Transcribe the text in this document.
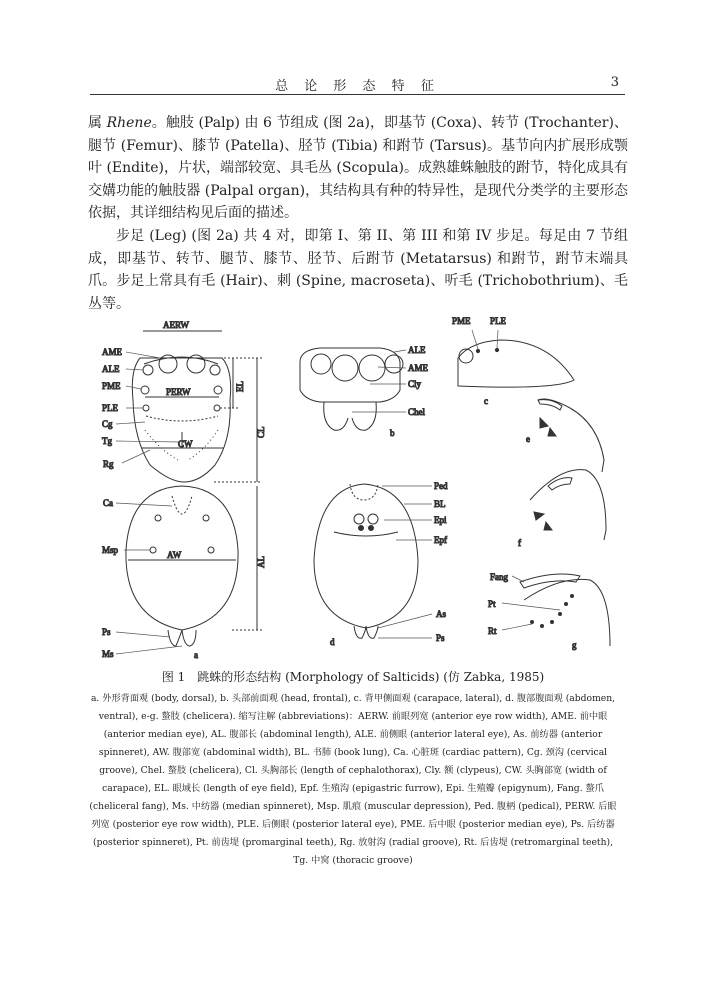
总 论 形 态 特 征	3

属 Rhene。触肢 (Palp) 由 6 节组成 (图 2a)，即基节 (Coxa)、转节 (Trochanter)、腿节 (Femur)、膝节 (Patella)、胫节 (Tibia) 和跗节 (Tarsus)。基节向内扩展形成颚叶 (Endite)，片状，端部较宽、具毛丛 (Scopula)。成熟雄蛛触肢的跗节，特化成具有交媾功能的触肢器 (Palpal organ)，其结构具有种的特异性，是现代分类学的主要形态依据，其详细结构见后面的描述。

步足 (Leg) (图 2a) 共 4 对，即第 I、第 II、第 III 和第 IV 步足。每足由 7 节组成，即基节、转节、腿节、膝节、胫节、后跗节 (Metatarsus) 和跗节，跗节末端具爪。步足上常具有毛 (Hair)、刺 (Spine, macroseta)、听毛 (Trichobothrium)、毛丛等。

AERW
AME
ALE
PME
PLE
Cg
Tg
Rg
Ca
Msp
Ps
Ms
PERW
CW
AW
EL
CL
AL
a
ALE
AME
Cly
Chel
b
PME PLE
c
Ped
BL
Epi
Epf
As
Ps
d
e
f
Fang
Pt
Rt
g
图 1　跳蛛的形态结构 (Morphology of Salticids) (仿 Zabka, 1985)
a. 外形背面观 (body, dorsal), b. 头部前面观 (head, frontal), c. 背甲侧面观 (carapace, lateral), d. 腹部腹面观 (abdomen, ventral), e-g. 螯肢 (chelicera). 缩写注解 (abbreviations)：AERW. 前眼列宽 (anterior eye row width), AME. 前中眼 (anterior median eye), AL. 腹部长 (abdominal length), ALE. 前侧眼 (anterior lateral eye), As. 前纺器 (anterior spinneret), AW. 腹部宽 (abdominal width), BL. 书肺 (book lung), Ca. 心脏斑 (cardiac pattern), Cg. 颈沟 (cervical groove), Chel. 螯肢 (chelicera), Cl. 头胸部长 (length of cephalothorax), Cly. 额 (clypeus), CW. 头胸部宽 (width of carapace), EL. 眼域长 (length of eye field), Epf. 生殖沟 (epigastric furrow), Epi. 生殖瓣 (epigynum), Fang. 螯爪 (cheliceral fang), Ms. 中纺器 (median spinneret), Msp. 肌痕 (muscular depression), Ped. 腹柄 (pedical), PERW. 后眼列宽 (posterior eye row width), PLE. 后侧眼 (posterior lateral eye), PME. 后中眼 (posterior median eye), Ps. 后纺器 (posterior spinneret), Pt. 前齿堤 (promarginal teeth), Rg. 放射沟 (radial groove), Rt. 后齿堤 (retromarginal teeth), Tg. 中窝 (thoracic groove)
